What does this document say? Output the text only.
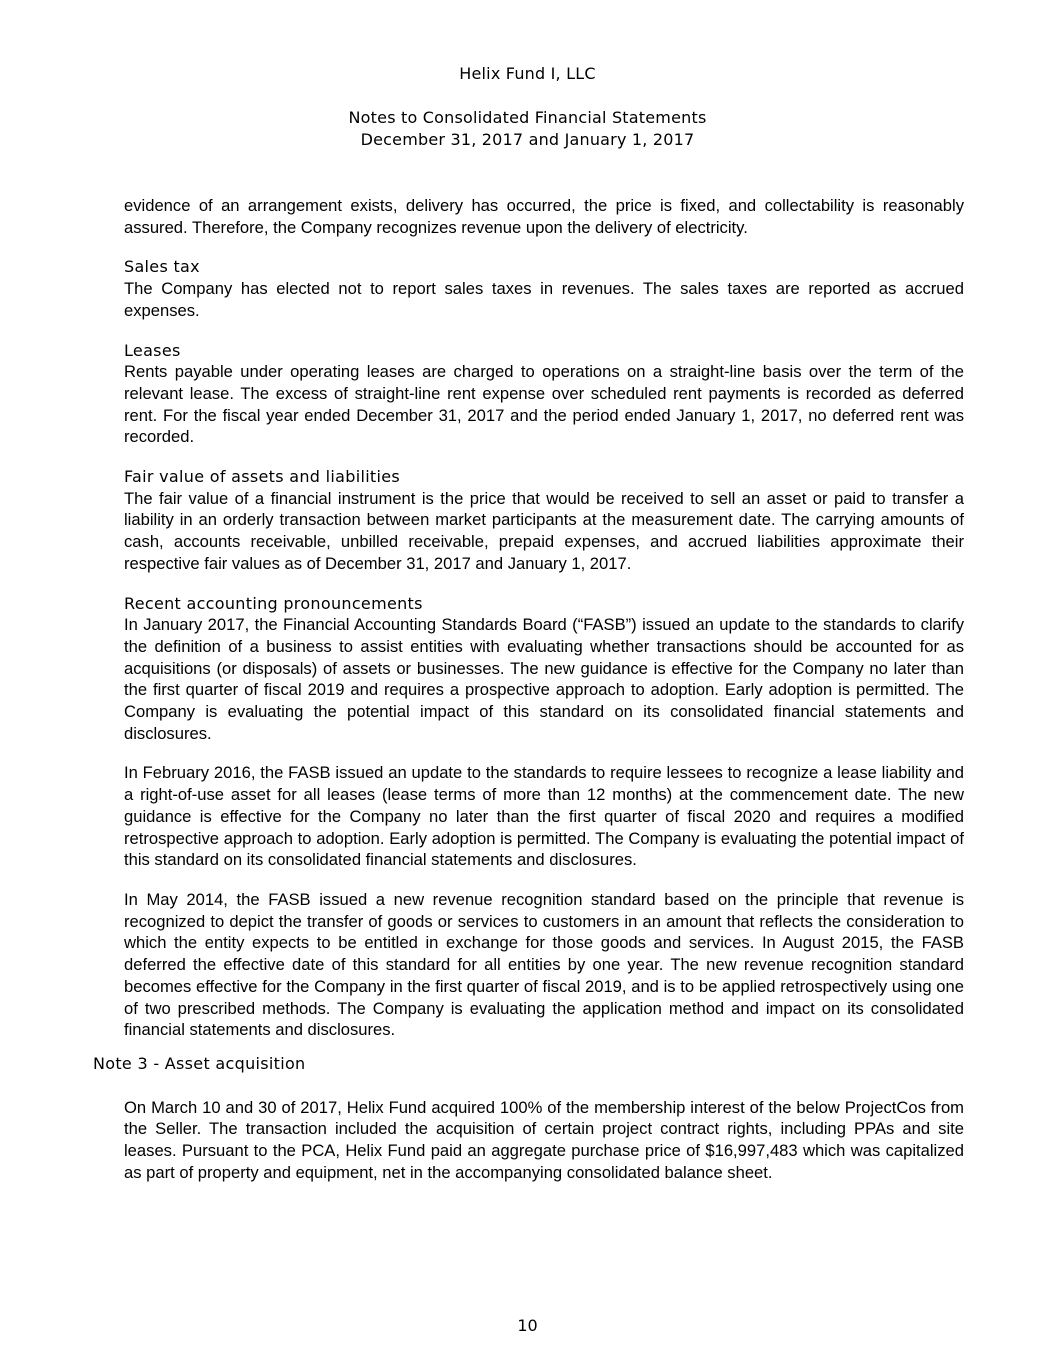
Helix Fund I, LLC
Notes to Consolidated Financial Statements
December 31, 2017 and January 1, 2017

evidence of an arrangement exists, delivery has occurred, the price is fixed, and collectability is reasonably assured. Therefore, the Company recognizes revenue upon the delivery of electricity.

Sales tax

The Company has elected not to report sales taxes in revenues. The sales taxes are reported as accrued expenses.

Leases

Rents payable under operating leases are charged to operations on a straight-line basis over the term of the relevant lease. The excess of straight-line rent expense over scheduled rent payments is recorded as deferred rent. For the fiscal year ended December 31, 2017 and the period ended January 1, 2017, no deferred rent was recorded.

Fair value of assets and liabilities

The fair value of a financial instrument is the price that would be received to sell an asset or paid to transfer a liability in an orderly transaction between market participants at the measurement date. The carrying amounts of cash, accounts receivable, unbilled receivable, prepaid expenses, and accrued liabilities approximate their respective fair values as of December 31, 2017 and January 1, 2017.

Recent accounting pronouncements

In January 2017, the Financial Accounting Standards Board (“FASB”) issued an update to the standards to clarify the definition of a business to assist entities with evaluating whether transactions should be accounted for as acquisitions (or disposals) of assets or businesses. The new guidance is effective for the Company no later than the first quarter of fiscal 2019 and requires a prospective approach to adoption. Early adoption is permitted. The Company is evaluating the potential impact of this standard on its consolidated financial statements and disclosures.

In February 2016, the FASB issued an update to the standards to require lessees to recognize a lease liability and a right-of-use asset for all leases (lease terms of more than 12 months) at the commencement date. The new guidance is effective for the Company no later than the first quarter of fiscal 2020 and requires a modified retrospective approach to adoption. Early adoption is permitted. The Company is evaluating the potential impact of this standard on its consolidated financial statements and disclosures.

In May 2014, the FASB issued a new revenue recognition standard based on the principle that revenue is recognized to depict the transfer of goods or services to customers in an amount that reflects the consideration to which the entity expects to be entitled in exchange for those goods and services. In August 2015, the FASB deferred the effective date of this standard for all entities by one year. The new revenue recognition standard becomes effective for the Company in the first quarter of fiscal 2019, and is to be applied retrospectively using one of two prescribed methods. The Company is evaluating the application method and impact on its consolidated financial statements and disclosures.

Note 3 - Asset acquisition

On March 10 and 30 of 2017, Helix Fund acquired 100% of the membership interest of the below ProjectCos from the Seller. The transaction included the acquisition of certain project contract rights, including PPAs and site leases. Pursuant to the PCA, Helix Fund paid an aggregate purchase price of $16,997,483 which was capitalized as part of property and equipment, net in the accompanying consolidated balance sheet.

10
